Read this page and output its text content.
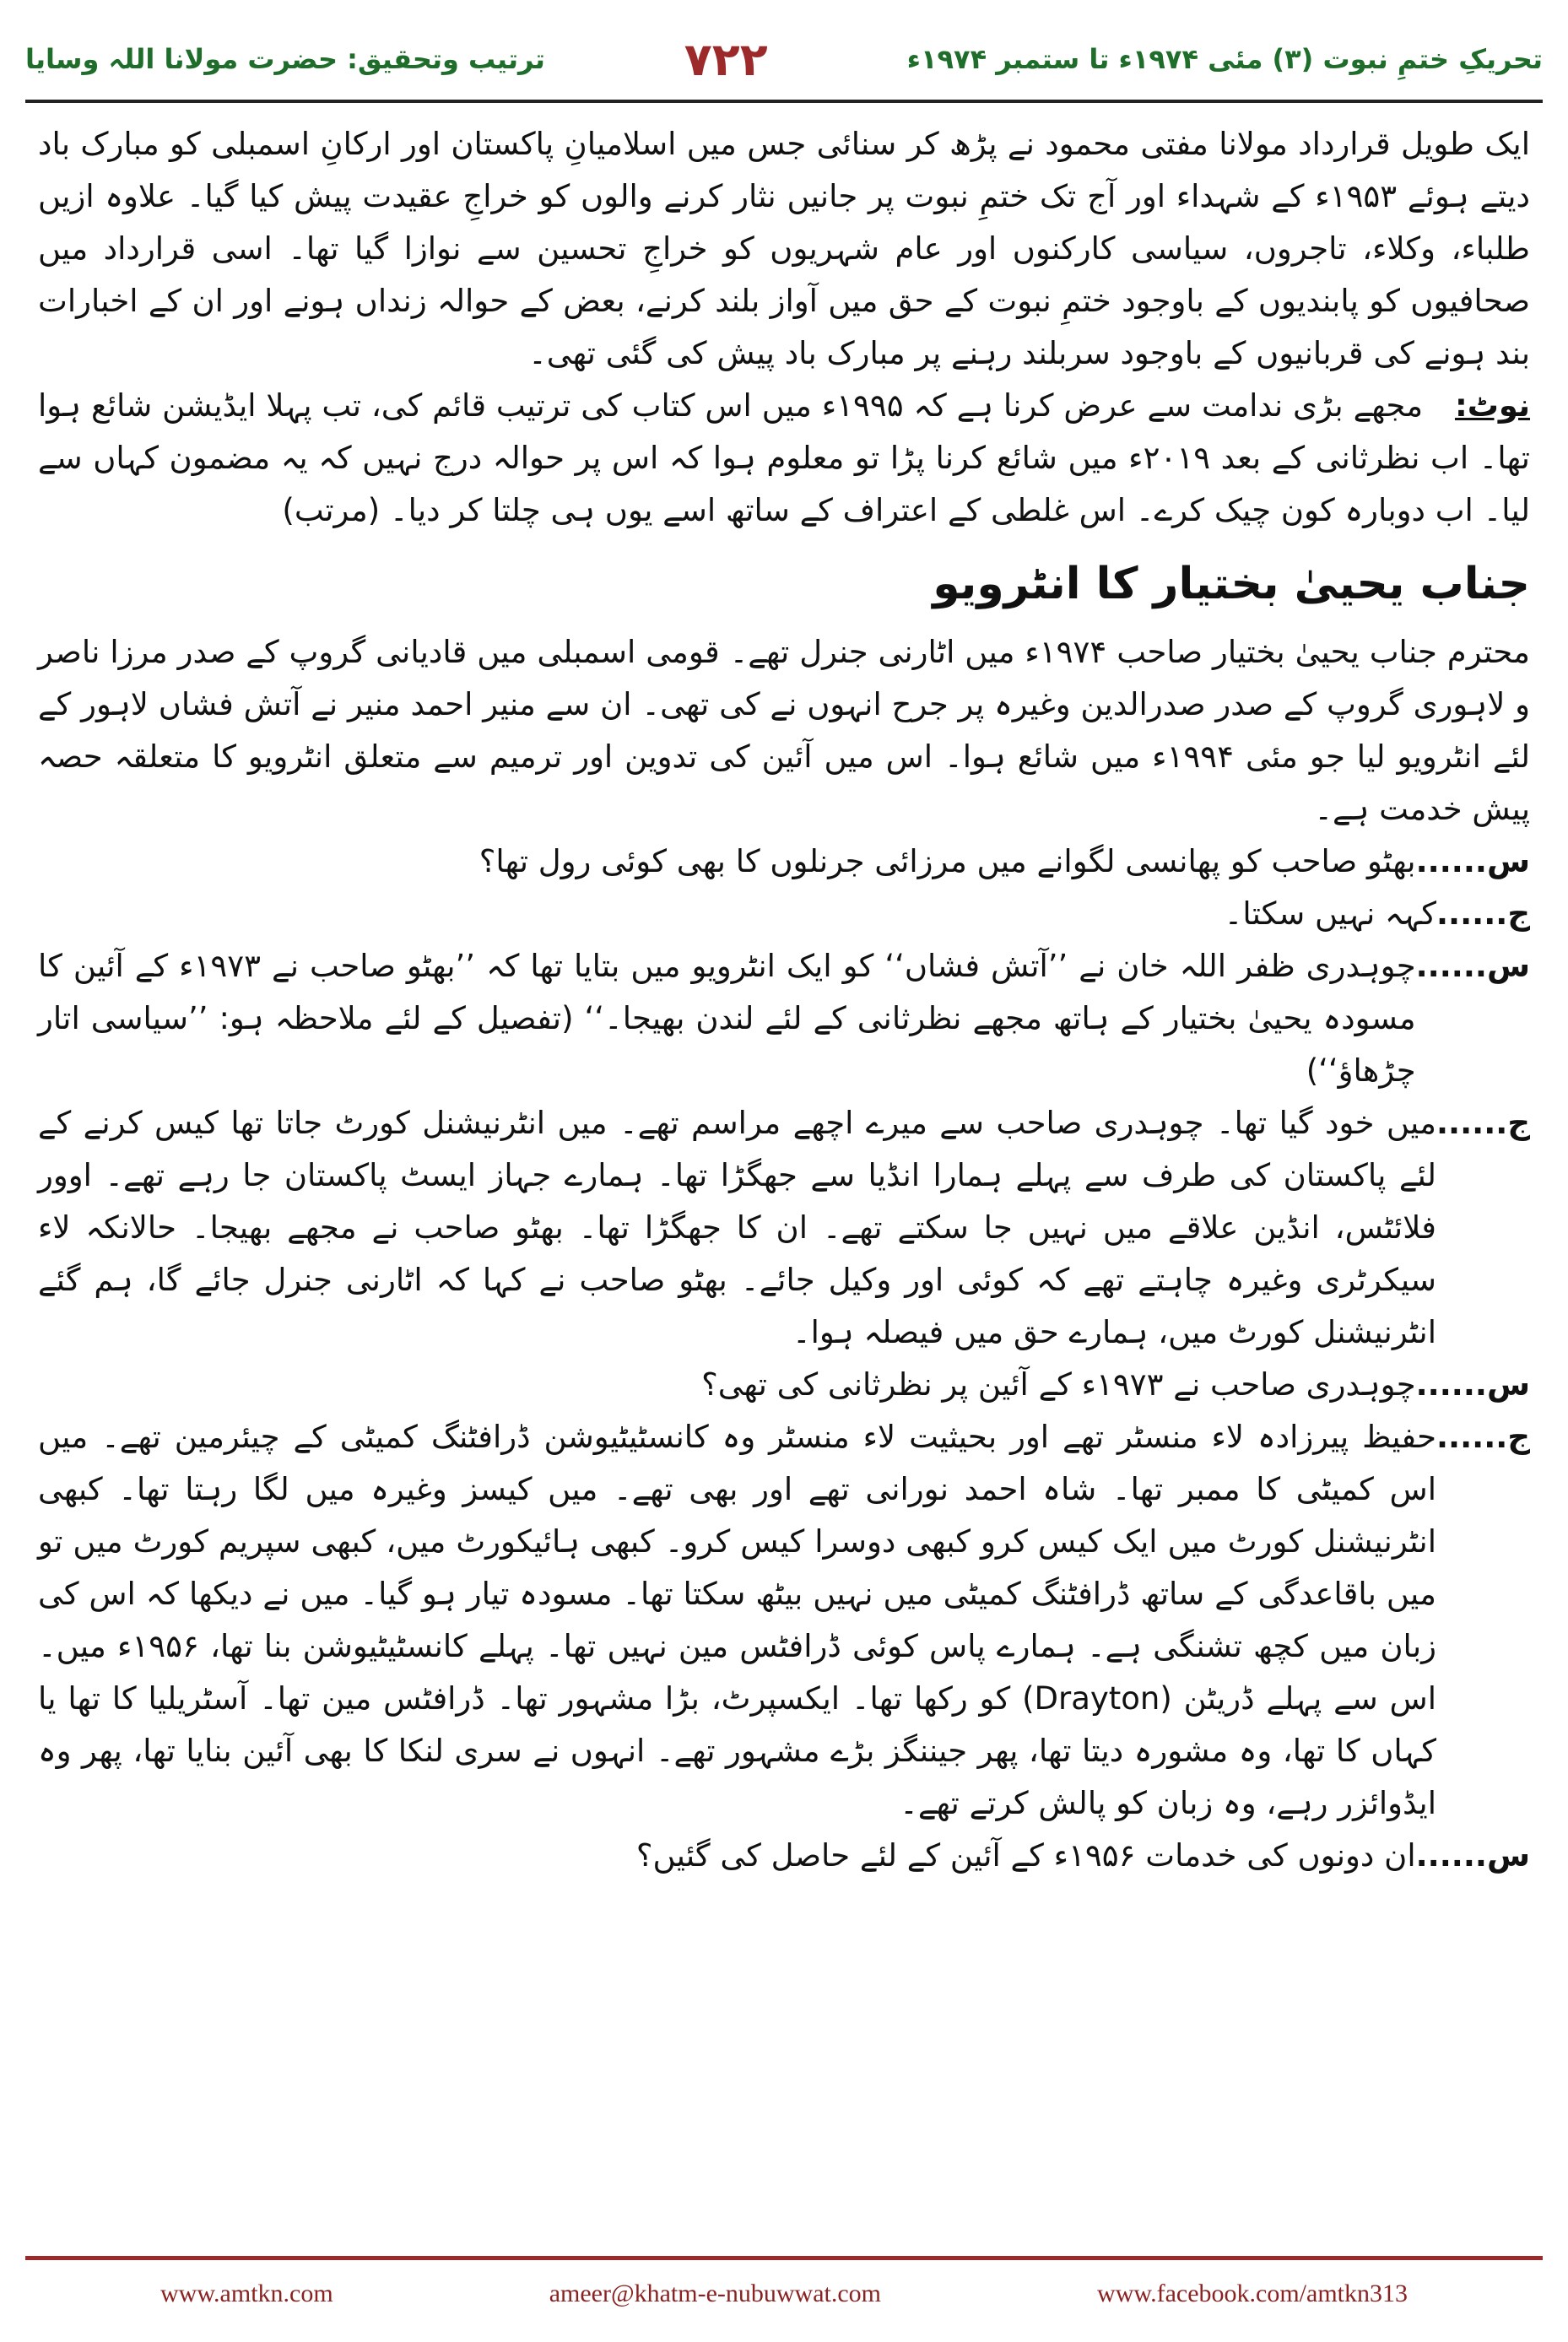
ترتیب وتحقیق: حضرت مولانا اللہ وسایا	۷۲۲	تحریکِ ختمِ نبوت (۳) مئی ۱۹۷۴ء تا ستمبر ۱۹۷۴ء

ایک طویل قرارداد مولانا مفتی محمود نے پڑھ کر سنائی جس میں اسلامیانِ پاکستان اور ارکانِ اسمبلی کو مبارک باد دیتے ہوئے ۱۹۵۳ء کے شہداء اور آج تک ختمِ نبوت پر جانیں نثار کرنے والوں کو خراجِ عقیدت پیش کیا گیا۔ علاوہ ازیں طلباء، وکلاء، تاجروں، سیاسی کارکنوں اور عام شہریوں کو خراجِ تحسین سے نوازا گیا تھا۔ اسی قرارداد میں صحافیوں کو پابندیوں کے باوجود ختمِ نبوت کے حق میں آواز بلند کرنے، بعض کے حوالہ زنداں ہونے اور ان کے اخبارات بند ہونے کی قربانیوں کے باوجود سربلند رہنے پر مبارک باد پیش کی گئی تھی۔

نوٹ: مجھے بڑی ندامت سے عرض کرنا ہے کہ ۱۹۹۵ء میں اس کتاب کی ترتیب قائم کی، تب پہلا ایڈیشن شائع ہوا تھا۔ اب نظرثانی کے بعد ۲۰۱۹ء میں شائع کرنا پڑا تو معلوم ہوا کہ اس پر حوالہ درج نہیں کہ یہ مضمون کہاں سے لیا۔ اب دوبارہ کون چیک کرے۔ اس غلطی کے اعتراف کے ساتھ اسے یوں ہی چلتا کر دیا۔ (مرتب)

جناب یحییٰ بختیار کا انٹرویو

محترم جناب یحییٰ بختیار صاحب ۱۹۷۴ء میں اٹارنی جنرل تھے۔ قومی اسمبلی میں قادیانی گروپ کے صدر مرزا ناصر و لاہوری گروپ کے صدر صدرالدین وغیرہ پر جرح انہوں نے کی تھی۔ ان سے منیر احمد منیر نے آتش فشاں لاہور کے لئے انٹرویو لیا جو مئی ۱۹۹۴ء میں شائع ہوا۔ اس میں آئین کی تدوین اور ترمیم سے متعلق انٹرویو کا متعلقہ حصہ پیش خدمت ہے۔

س......
بھٹو صاحب کو پھانسی لگوانے میں مرزائی جرنلوں کا بھی کوئی رول تھا؟
ج......
کہہ نہیں سکتا۔
س......
چوہدری ظفر اللہ خان نے ’’آتش فشاں‘‘ کو ایک انٹرویو میں بتایا تھا کہ ’’بھٹو صاحب نے ۱۹۷۳ء کے آئین کا مسودہ یحییٰ بختیار کے ہاتھ مجھے نظرثانی کے لئے لندن بھیجا۔‘‘ (تفصیل کے لئے ملاحظہ ہو: ’’سیاسی اتار چڑھاؤ‘‘)
ج......
میں خود گیا تھا۔ چوہدری صاحب سے میرے اچھے مراسم تھے۔ میں انٹرنیشنل کورٹ جاتا تھا کیس کرنے کے لئے پاکستان کی طرف سے پہلے ہمارا انڈیا سے جھگڑا تھا۔ ہمارے جہاز ایسٹ پاکستان جا رہے تھے۔ اوور فلائٹس، انڈین علاقے میں نہیں جا سکتے تھے۔ ان کا جھگڑا تھا۔ بھٹو صاحب نے مجھے بھیجا۔ حالانکہ لاء سیکرٹری وغیرہ چاہتے تھے کہ کوئی اور وکیل جائے۔ بھٹو صاحب نے کہا کہ اٹارنی جنرل جائے گا، ہم گئے انٹرنیشنل کورٹ میں، ہمارے حق میں فیصلہ ہوا۔
س......
چوہدری صاحب نے ۱۹۷۳ء کے آئین پر نظرثانی کی تھی؟
ج......
حفیظ پیرزادہ لاء منسٹر تھے اور بحیثیت لاء منسٹر وہ کانسٹیٹیوشن ڈرافٹنگ کمیٹی کے چیئرمین تھے۔ میں اس کمیٹی کا ممبر تھا۔ شاہ احمد نورانی تھے اور بھی تھے۔ میں کیسز وغیرہ میں لگا رہتا تھا۔ کبھی انٹرنیشنل کورٹ میں ایک کیس کرو کبھی دوسرا کیس کرو۔ کبھی ہائیکورٹ میں، کبھی سپریم کورٹ میں تو میں باقاعدگی کے ساتھ ڈرافٹنگ کمیٹی میں نہیں بیٹھ سکتا تھا۔ مسودہ تیار ہو گیا۔ میں نے دیکھا کہ اس کی زبان میں کچھ تشنگی ہے۔ ہمارے پاس کوئی ڈرافٹس مین نہیں تھا۔ پہلے کانسٹیٹیوشن بنا تھا، ۱۹۵۶ء میں۔ اس سے پہلے ڈریٹن (Drayton) کو رکھا تھا۔ ایکسپرٹ، بڑا مشہور تھا۔ ڈرافٹس مین تھا۔ آسٹریلیا کا تھا یا کہاں کا تھا، وہ مشورہ دیتا تھا، پھر جیننگز بڑے مشہور تھے۔ انہوں نے سری لنکا کا بھی آئین بنایا تھا، پھر وہ ایڈوائزر رہے، وہ زبان کو پالش کرتے تھے۔
س......
ان دونوں کی خدمات ۱۹۵۶ء کے آئین کے لئے حاصل کی گئیں؟
www.amtkn.com	ameer@khatm-e-nubuwwat.com	www.facebook.com/amtkn313
